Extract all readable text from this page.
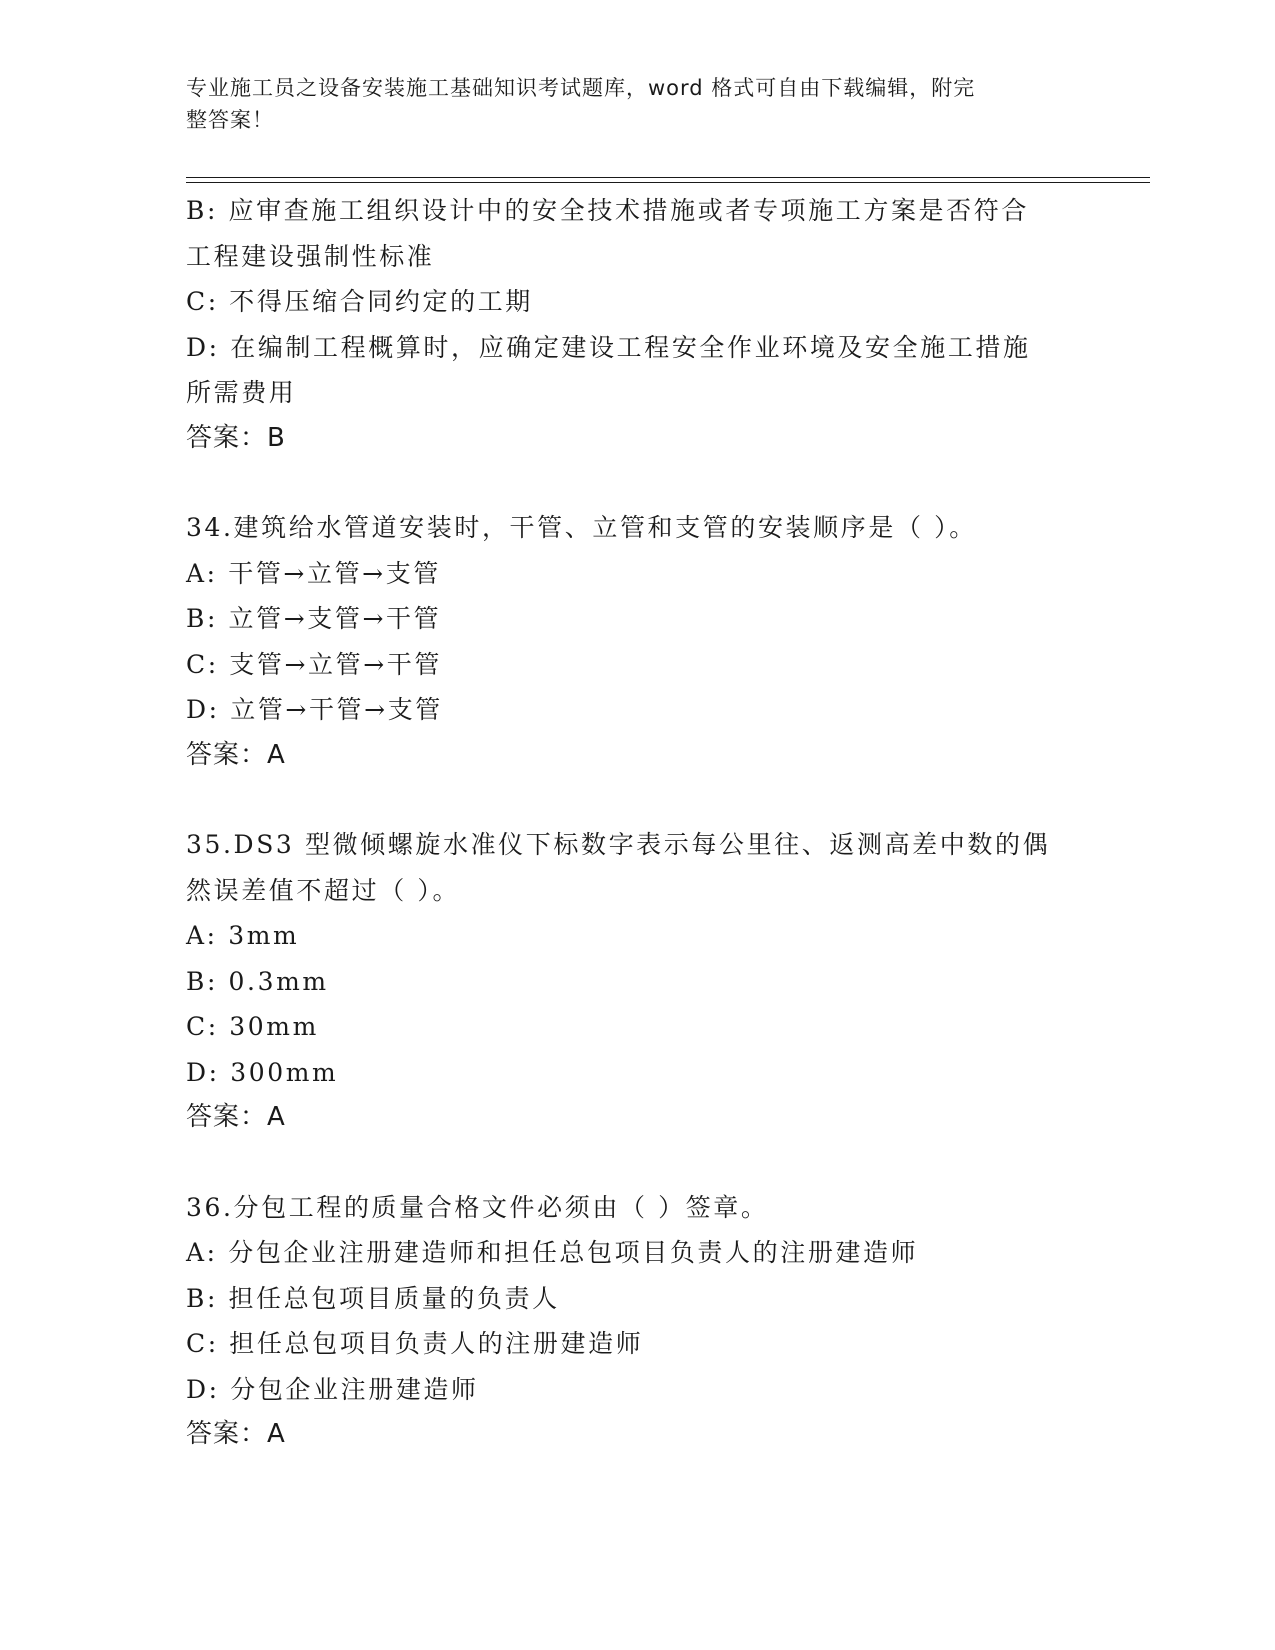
专业施工员之设备安装施工基础知识考试题库，word 格式可自由下载编辑，附完
整答案！
B: 应审查施工组织设计中的安全技术措施或者专项施工方案是否符合
工程建设强制性标准
C: 不得压缩合同约定的工期
D: 在编制工程概算时，应确定建设工程安全作业环境及安全施工措施
所需费用
答案：B
34.建筑给水管道安装时，干管、立管和支管的安装顺序是（ ）。
A: 干管→立管→支管
B: 立管→支管→干管
C: 支管→立管→干管
D: 立管→干管→支管
答案：A
35.DS3 型微倾螺旋水准仪下标数字表示每公里往、返测高差中数的偶
然误差值不超过（ ）。
A: 3mm
B: 0.3mm
C: 30mm
D: 300mm
答案：A
36.分包工程的质量合格文件必须由（ ）签章。
A: 分包企业注册建造师和担任总包项目负责人的注册建造师
B: 担任总包项目质量的负责人
C: 担任总包项目负责人的注册建造师
D: 分包企业注册建造师
答案：A
